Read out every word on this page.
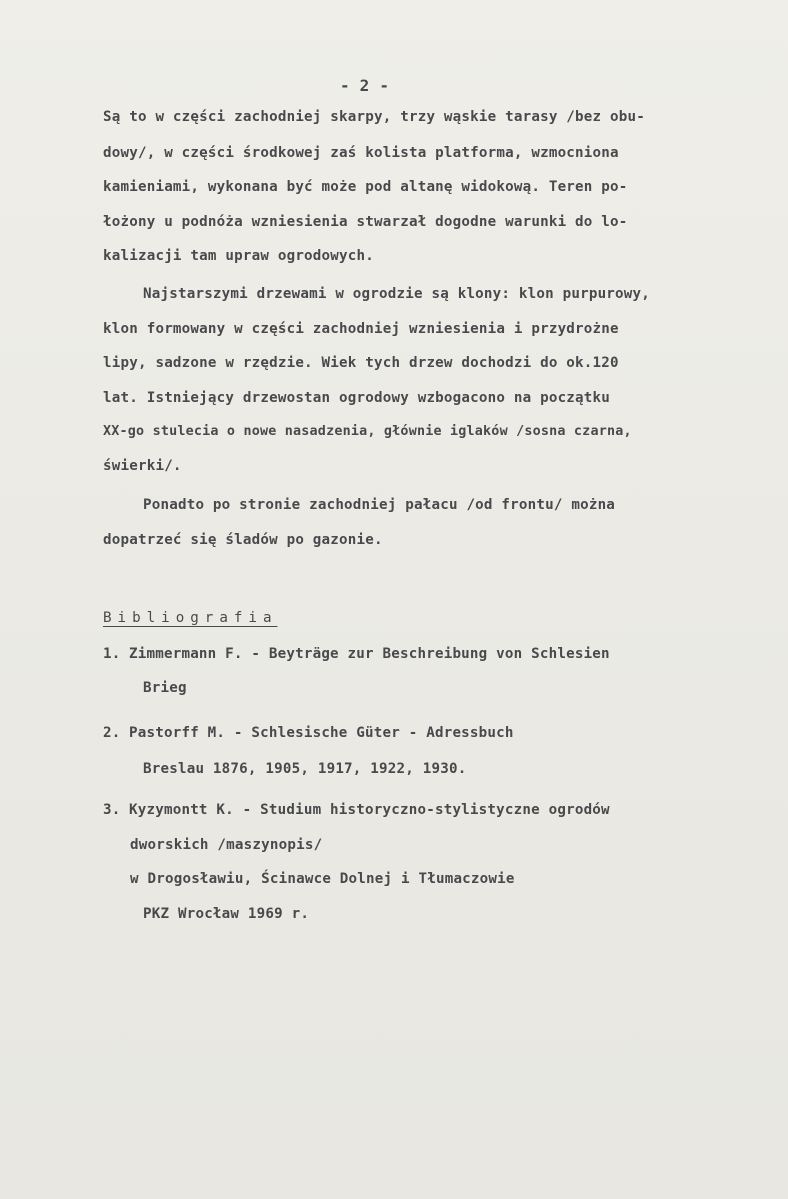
- 2 -
Są to w części zachodniej skarpy, trzy wąskie tarasy /bez obu-
dowy/, w części środkowej zaś kolista platforma, wzmocniona
kamieniami, wykonana być może pod altanę widokową. Teren po-
łożony u podnóża wzniesienia stwarzał dogodne warunki do lo-
kalizacji tam upraw ogrodowych.
Najstarszymi drzewami w ogrodzie są klony: klon purpurowy,
klon formowany w części zachodniej wzniesienia i przydrożne
lipy, sadzone w rzędzie. Wiek tych drzew dochodzi do ok.120
lat. Istniejący drzewostan ogrodowy wzbogacono na początku
XX-go stulecia o nowe nasadzenia, głównie iglaków /sosna czarna,
świerki/.
Ponadto po stronie zachodniej pałacu /od frontu/ można
dopatrzeć się śladów po gazonie.
Bibliografia
1. Zimmermann F. - Beyträge zur Beschreibung von Schlesien
Brieg
2. Pastorff M. - Schlesische Güter - Adressbuch
Breslau 1876, 1905, 1917, 1922, 1930.
3. Kyzymontt K. - Studium historyczno-stylistyczne ogrodów
dworskich /maszynopis/
w Drogosławiu, Ścinawce Dolnej i Tłumaczowie
PKZ Wrocław 1969 r.
